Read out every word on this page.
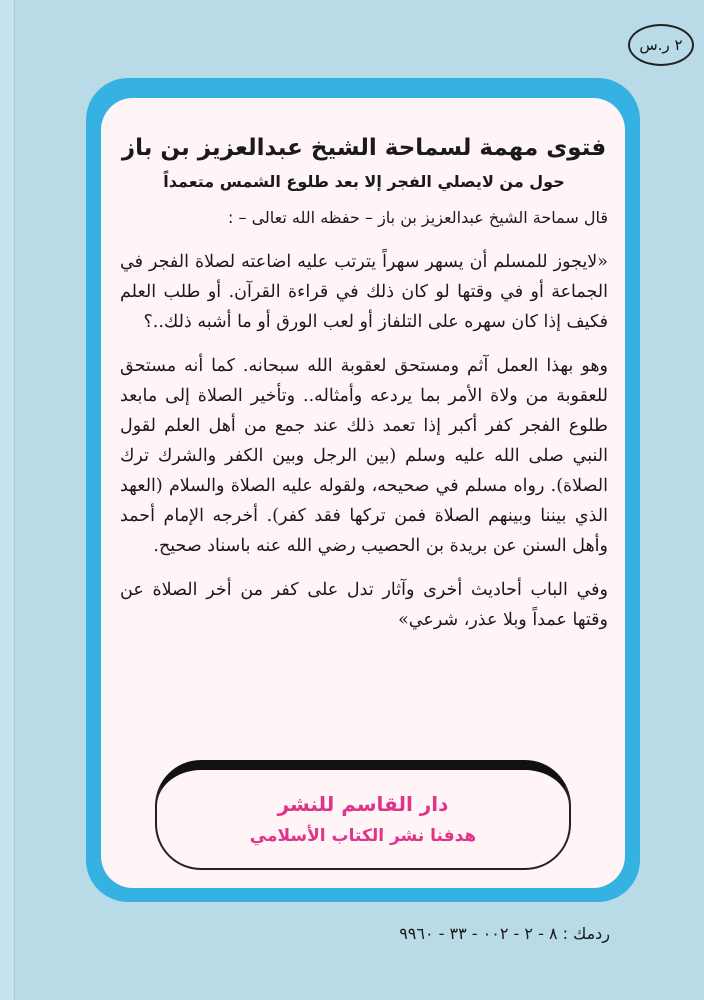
٢ ر.س
فتوى مهمة لسماحة الشيخ عبدالعزيز بن باز
حول من لايصلي الفجر إلا بعد طلوع الشمس متعمداً
قال سماحة الشيخ عبدالعزيز بن باز – حفظه الله تعالى – :

«لايجوز للمسلم أن يسهر سهراً يترتب عليه اضاعته لصلاة الفجر في الجماعة أو في وقتها لو كان ذلك في قراءة القرآن. أو طلب العلم فكيف إذا كان سهره على التلفاز أو لعب الورق أو ما أشبه ذلك..؟

وهو بهذا العمل آثم ومستحق لعقوبة الله سبحانه. كما أنه مستحق للعقوبة من ولاة الأمر بما يردعه وأمثاله.. وتأخير الصلاة إلى مابعد طلوع الفجر كفر أكبر إذا تعمد ذلك عند جمع من أهل العلم لقول النبي صلى الله عليه وسلم (بين الرجل وبين الكفر والشرك ترك الصلاة). رواه مسلم في صحيحه، ولقوله عليه الصلاة والسلام (العهد الذي بيننا وبينهم الصلاة فمن تركها فقد كفر). أخرجه الإمام أحمد وأهل السنن عن بريدة بن الحصيب رضي الله عنه باسناد صحيح.

وفي الباب أحاديث أخرى وآثار تدل على كفر من أخر الصلاة عن وقتها عمداً وبلا عذر، شرعي»

دار القاسم للنشر
هدفنا نشر الكتاب الأسلامي
ردمك : ٨ - ٢ - ٠٠٢ - ٣٣ - ٩٩٦٠
